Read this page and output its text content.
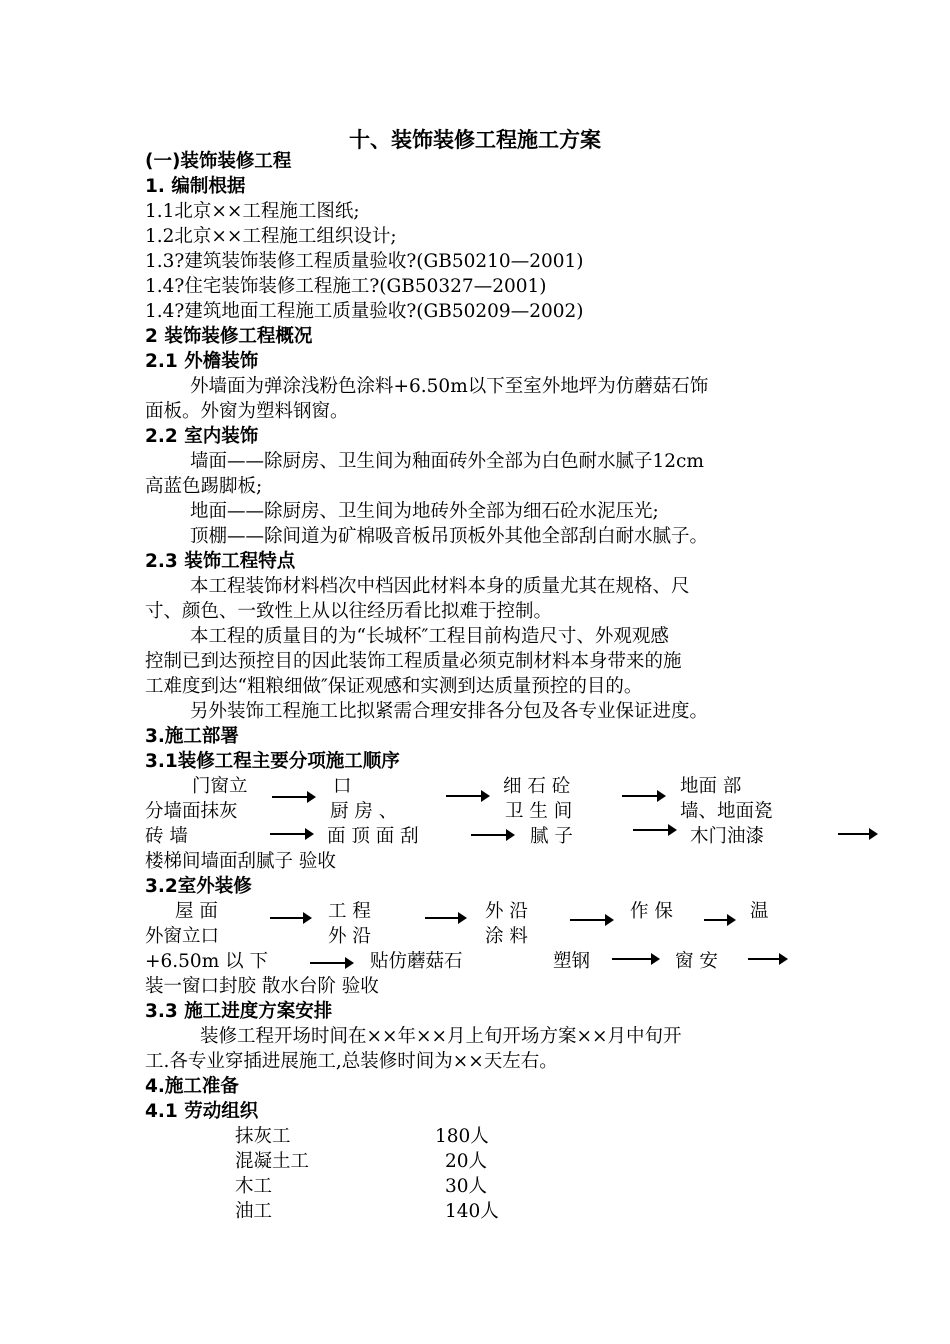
十、装饰装修工程施工方案
(一)装饰装修工程
1. 编制根据
1.1北京××工程施工图纸;
1.2北京××工程施工组织设计;
1.3?建筑装饰装修工程质量验收?(GB50210—2001)
1.4?住宅装饰装修工程施工?(GB50327—2001)
1.4?建筑地面工程施工质量验收?(GB50209—2002)
2 装饰装修工程概况
2.1 外檐装饰
外墙面为弹涂浅粉色涂料+6.50m以下至室外地坪为仿蘑菇石饰
面板。外窗为塑料钢窗。
2.2 室内装饰
墙面——除厨房、卫生间为釉面砖外全部为白色耐水腻子12cm
高蓝色踢脚板;
地面——除厨房、卫生间为地砖外全部为细石砼水泥压光;
顶棚——除间道为矿棉吸音板吊顶板外其他全部刮白耐水腻子。
2.3 装饰工程特点
本工程装饰材料档次中档因此材料本身的质量尤其在规格、尺
寸、颜色、一致性上从以往经历看比拟难于控制。
本工程的质量目的为“长城杯″工程目前构造尺寸、外观观感
控制已到达预控目的因此装饰工程质量必须克制材料本身带来的施
工难度到达“粗粮细做″保证观感和实测到达质量预控的目的。
另外装饰工程施工比拟紧需合理安排各分包及各专业保证进度。
3.施工部署
3.1装修工程主要分项施工顺序
门窗立	口	细 石 砼	地面 部
分墙面抹灰	厨 房 、	卫 生 间	墙、地面瓷
砖 墙	面 顶 面 刮	腻 子	木门油漆
楼梯间墙面刮腻子 验收
3.2室外装修
屋 面	工 程	外 沿	作 保	温
外窗立口	外 沿	涂 料
+6.50m 以 下	贴仿蘑菇石	塑钢	窗 安
装一窗口封胶 散水台阶 验收
3.3 施工进度方案安排
装修工程开场时间在××年××月上旬开场方案××月中旬开
工.各专业穿插进展施工,总装修时间为××天左右。
4.施工准备
4.1 劳动组织
抹灰工	180人
混凝土工	20人
木工	30人
油工	140人
